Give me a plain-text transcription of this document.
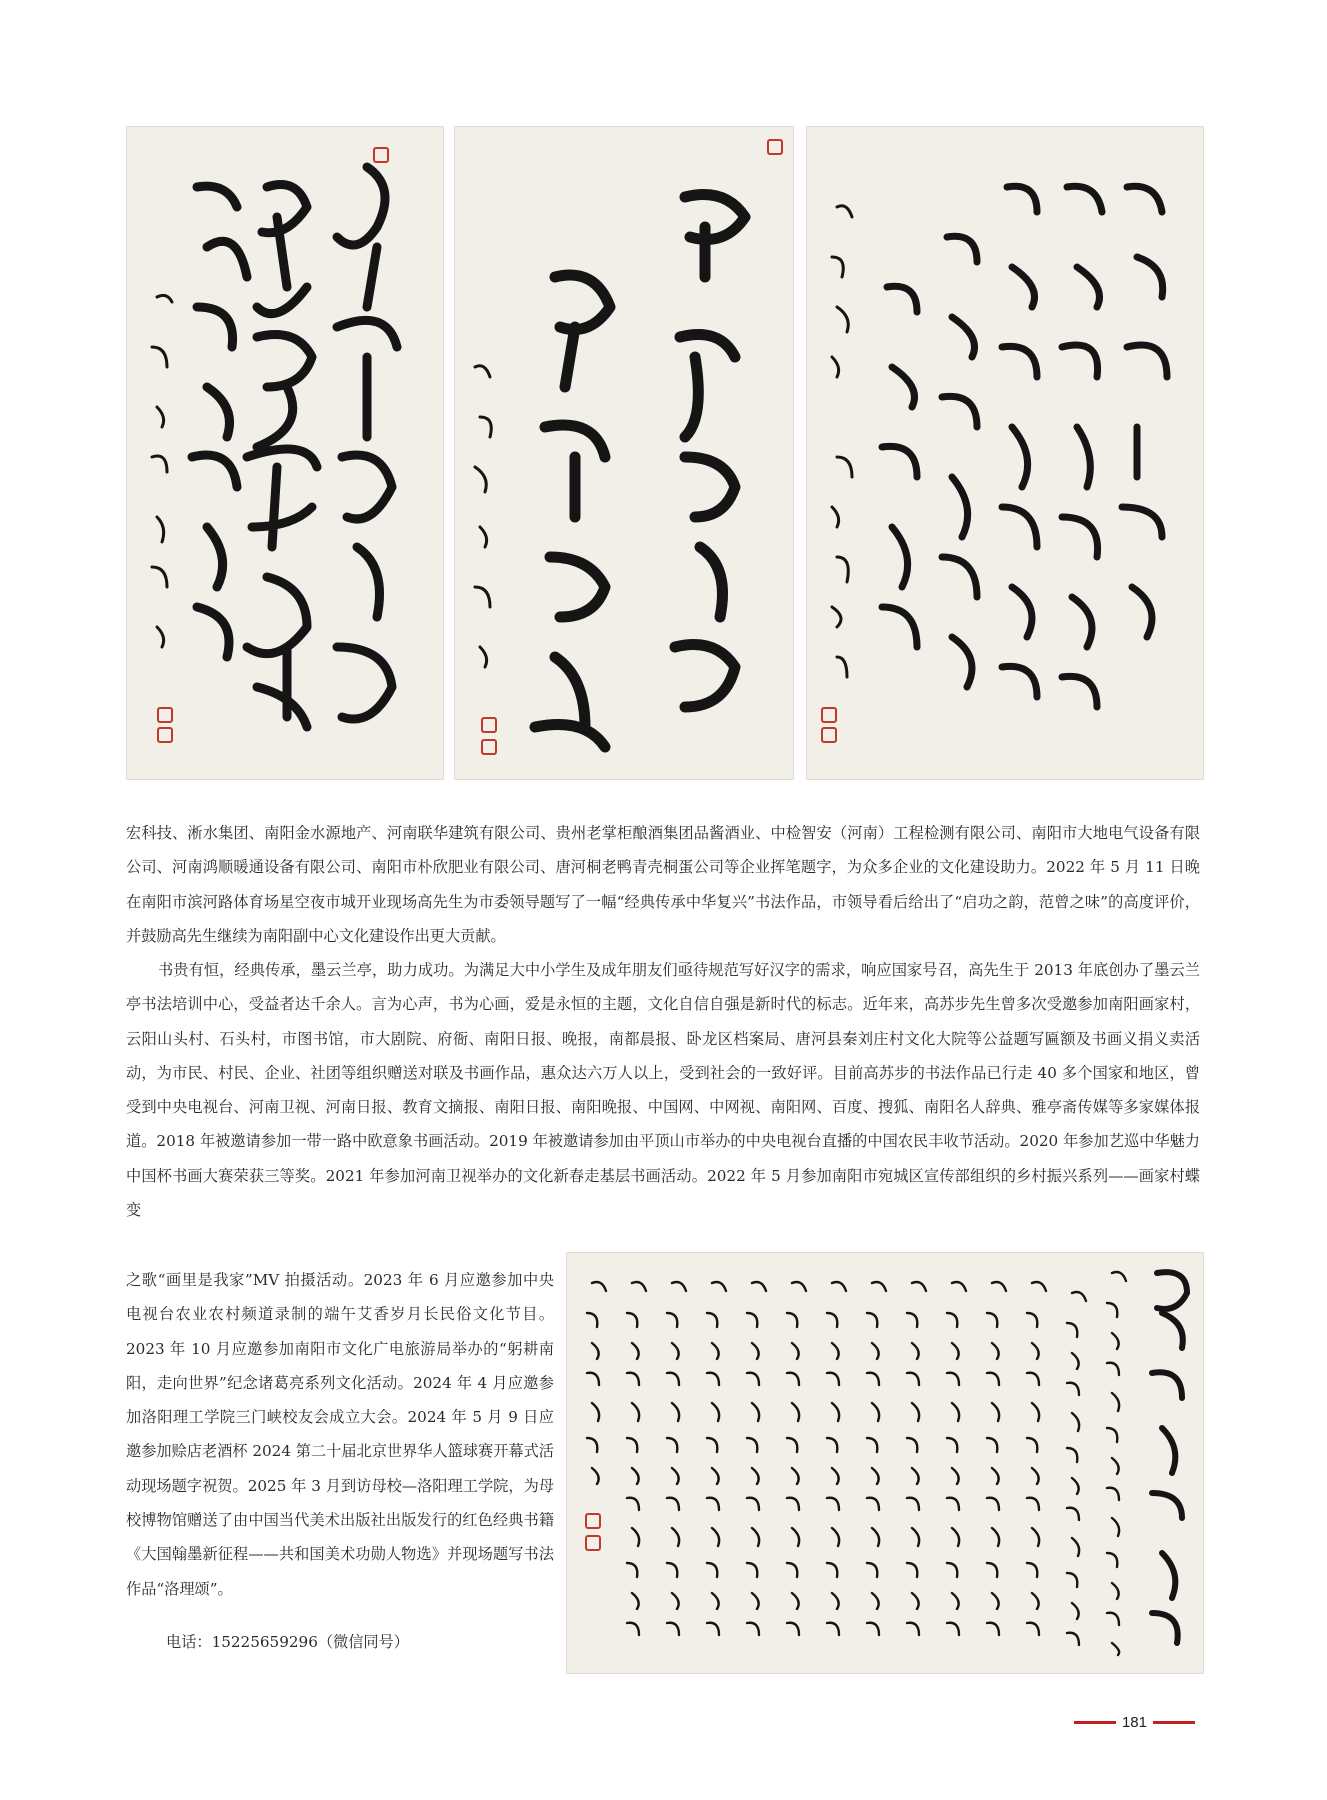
宏科技、淅水集团、南阳金水源地产、河南联华建筑有限公司、贵州老掌柜酿酒集团品酱酒业、中检智安（河南）工程检测有限公司、南阳市大地电气设备有限公司、河南鸿顺暖通设备有限公司、南阳市朴欣肥业有限公司、唐河桐老鸭青壳桐蛋公司等企业挥笔题字，为众多企业的文化建设助力。2022 年 5 月 11 日晚在南阳市滨河路体育场星空夜市城开业现场高先生为市委领导题写了一幅“经典传承中华复兴”书法作品，市领导看后给出了“启功之韵，范曾之味”的高度评价，并鼓励高先生继续为南阳副中心文化建设作出更大贡献。
书贵有恒，经典传承，墨云兰亭，助力成功。为满足大中小学生及成年朋友们亟待规范写好汉字的需求，响应国家号召，高先生于 2013 年底创办了墨云兰亭书法培训中心，受益者达千余人。言为心声，书为心画，爱是永恒的主题，文化自信自强是新时代的标志。近年来，高苏步先生曾多次受邀参加南阳画家村，云阳山头村、石头村，市图书馆，市大剧院、府衙、南阳日报、晚报，南都晨报、卧龙区档案局、唐河县秦刘庄村文化大院等公益题写匾额及书画义捐义卖活动，为市民、村民、企业、社团等组织赠送对联及书画作品，惠众达六万人以上，受到社会的一致好评。目前高苏步的书法作品已行走 40 多个国家和地区，曾受到中央电视台、河南卫视、河南日报、教育文摘报、南阳日报、南阳晚报、中国网、中网视、南阳网、百度、搜狐、南阳名人辞典、雅亭斋传媒等多家媒体报道。2018 年被邀请参加一带一路中欧意象书画活动。2019 年被邀请参加由平顶山市举办的中央电视台直播的中国农民丰收节活动。2020 年参加艺巡中华魅力中国杯书画大赛荣获三等奖。2021 年参加河南卫视举办的文化新春走基层书画活动。2022 年 5 月参加南阳市宛城区宣传部组织的乡村振兴系列——画家村蝶变
之歌“画里是我家”MV 拍摄活动。2023 年 6 月应邀参加中央电视台农业农村频道录制的端午艾香岁月长民俗文化节目。2023 年 10 月应邀参加南阳市文化广电旅游局举办的“躬耕南阳，走向世界”纪念诸葛亮系列文化活动。2024 年 4 月应邀参加洛阳理工学院三门峡校友会成立大会。2024 年 5 月 9 日应邀参加赊店老酒杯 2024 第二十届北京世界华人篮球赛开幕式活动现场题字祝贺。2025 年 3 月到访母校—洛阳理工学院，为母校博物馆赠送了由中国当代美术出版社出版发行的红色经典书籍《大国翰墨新征程——共和国美术功勋人物选》并现场题写书法作品“洛理颂”。
电话：15225659296（微信同号）
181
